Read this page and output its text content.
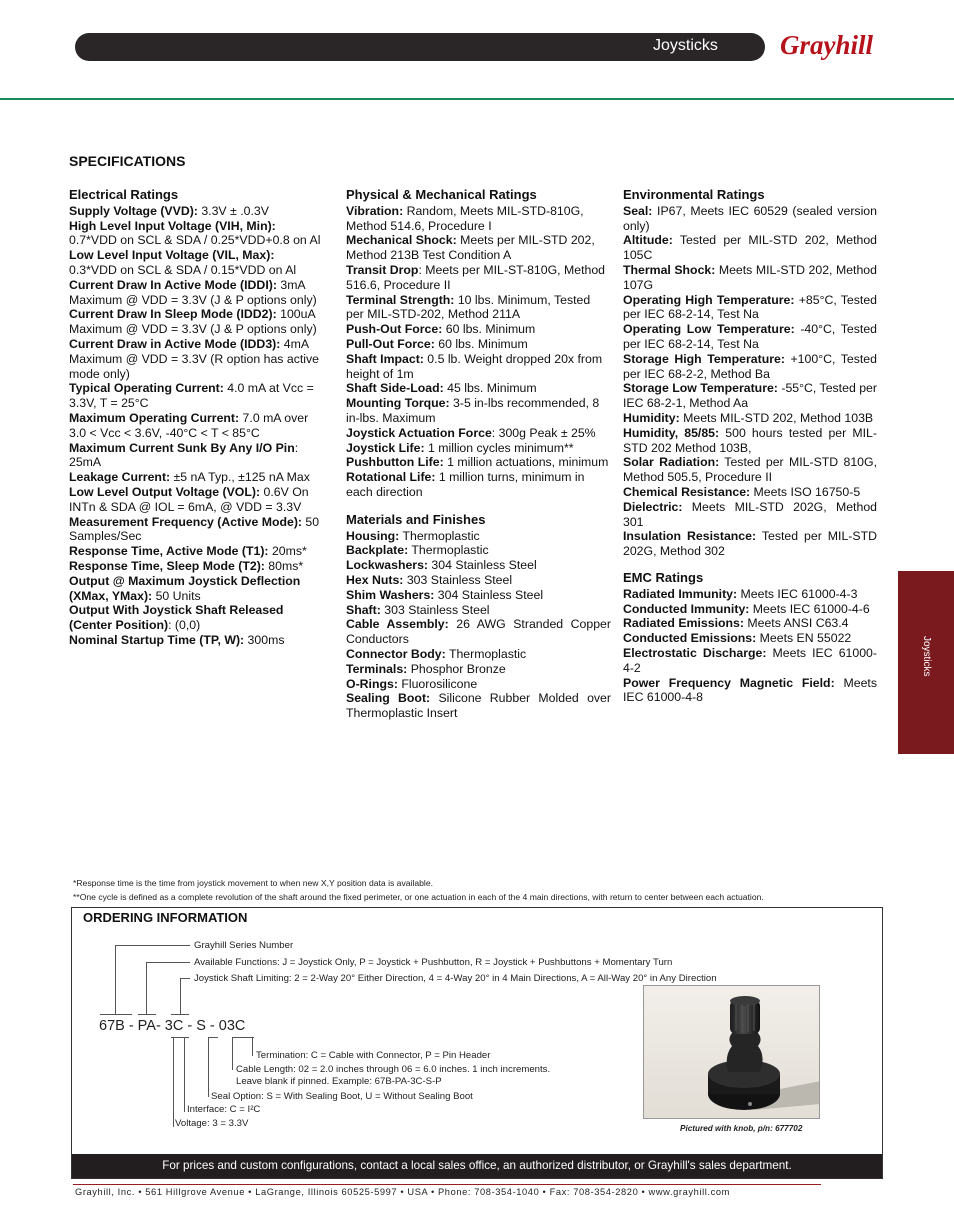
Joysticks Grayhill
SPECIFICATIONS
Electrical Ratings
Supply Voltage (VVD): 3.3V ± .0.3V
High Level Input Voltage (VIH, Min): 0.7*VDD on SCL & SDA / 0.25*VDD+0.8 on Al
Low Level Input Voltage (VIL, Max): 0.3*VDD on SCL & SDA / 0.15*VDD on Al
Current Draw In Active Mode (IDDI): 3mA Maximum @ VDD = 3.3V (J & P options only)
Current Draw In Sleep Mode (IDD2): 100uA Maximum @ VDD = 3.3V (J & P options only)
Current Draw in Active Mode (IDD3): 4mA Maximum @ VDD = 3.3V (R option has active mode only)
Typical Operating Current: 4.0 mA at Vcc = 3.3V, T = 25°C
Maximum Operating Current: 7.0 mA over 3.0 < Vcc < 3.6V, -40°C < T < 85°C
Maximum Current Sunk By Any I/O Pin: 25mA
Leakage Current: ±5 nA Typ., ±125 nA Max
Low Level Output Voltage (VOL): 0.6V On INTn & SDA @ IOL = 6mA, @ VDD = 3.3V
Measurement Frequency (Active Mode): 50 Samples/Sec
Response Time, Active Mode (T1): 20ms*
Response Time, Sleep Mode (T2): 80ms*
Output @ Maximum Joystick Deflection (XMax, YMax): 50 Units
Output With Joystick Shaft Released (Center Position): (0,0)
Nominal Startup Time (TP, W): 300ms
Physical & Mechanical Ratings
Vibration: Random, Meets MIL-STD-810G, Method 514.6, Procedure I
Mechanical Shock: Meets per MIL-STD 202, Method 213B Test Condition A
Transit Drop: Meets per MIL-ST-810G, Method 516.6, Procedure II
Terminal Strength: 10 lbs. Minimum, Tested per MIL-STD-202, Method 211A
Push-Out Force: 60 lbs. Minimum
Pull-Out Force: 60 lbs. Minimum
Shaft Impact: 0.5 lb. Weight dropped 20x from height of 1m
Shaft Side-Load: 45 lbs. Minimum
Mounting Torque: 3-5 in-lbs recommended, 8 in-lbs. Maximum
Joystick Actuation Force: 300g Peak ± 25%
Joystick Life: 1 million cycles minimum**
Pushbutton Life: 1 million actuations, minimum
Rotational Life: 1 million turns, minimum in each direction
Materials and Finishes
Housing: Thermoplastic
Backplate: Thermoplastic
Lockwashers: 304 Stainless Steel
Hex Nuts: 303 Stainless Steel
Shim Washers: 304 Stainless Steel
Shaft: 303 Stainless Steel
Cable Assembly: 26 AWG Stranded Copper Conductors
Connector Body: Thermoplastic
Terminals: Phosphor Bronze
O-Rings: Fluorosilicone
Sealing Boot: Silicone Rubber Molded over Thermoplastic Insert
Environmental Ratings
Seal: IP67, Meets IEC 60529 (sealed version only)
Altitude: Tested per MIL-STD 202, Method 105C
Thermal Shock: Meets MIL-STD 202, Method 107G
Operating High Temperature: +85°C, Tested per IEC 68-2-14, Test Na
Operating Low Temperature: -40°C, Tested per IEC 68-2-14, Test Na
Storage High Temperature: +100°C, Tested per IEC 68-2-2, Method Ba
Storage Low Temperature: -55°C, Tested per IEC 68-2-1, Method Aa
Humidity: Meets MIL-STD 202, Method 103B
Humidity, 85/85: 500 hours tested per MIL-STD 202 Method 103B,
Solar Radiation: Tested per MIL-STD 810G, Method 505.5, Procedure II
Chemical Resistance: Meets ISO 16750-5
Dielectric: Meets MIL-STD 202G, Method 301
Insulation Resistance: Tested per MIL-STD 202G, Method 302
EMC Ratings
Radiated Immunity: Meets IEC 61000-4-3
Conducted Immunity: Meets IEC 61000-4-6
Radiated Emissions: Meets ANSI C63.4
Conducted Emissions: Meets EN 55022
Electrostatic Discharge: Meets IEC 61000-4-2
Power Frequency Magnetic Field: Meets IEC 61000-4-8
Joysticks
*Response time is the time from joystick movement to when new X,Y position data is available.
**One cycle is defined as a complete revolution of the shaft around the fixed perimeter, or one actuation in each of the 4 main directions, with return to center between each actuation.
ORDERING INFORMATION
Grayhill Series Number
Available Functions: J = Joystick Only, P = Joystick + Pushbutton, R = Joystick + Pushbuttons + Momentary Turn
Joystick Shaft Limiting: 2 = 2-Way 20° Either Direction, 4 = 4-Way 20° in 4 Main Directions, A = All-Way 20° in Any Direction
67B - PA- 3C - S - 03C
Termination: C = Cable with Connector, P = Pin Header
Cable Length: 02 = 2.0 inches through 06 = 6.0 inches. 1 inch increments.
Leave blank if pinned. Example: 67B-PA-3C-S-P
Seal Option: S = With Sealing Boot, U = Without Sealing Boot
Interface: C = I²C
Voltage: 3 = 3.3V	Pictured with knob, p/n: 677702
For prices and custom configurations, contact a local sales office, an authorized distributor, or Grayhill's sales department.
Grayhill, Inc. • 561 Hillgrove Avenue • LaGrange, Illinois 60525-5997 • USA • Phone: 708-354-1040 • Fax: 708-354-2820 • www.grayhill.com
